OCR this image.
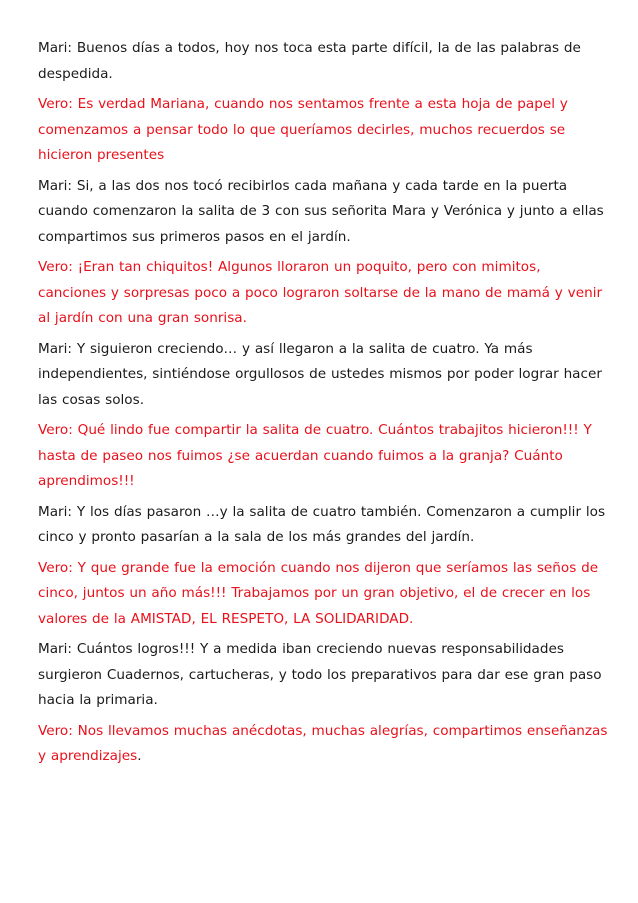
Mari: Buenos días a todos, hoy nos toca esta parte difícil, la de las palabras de despedida.

Vero: Es verdad Mariana, cuando nos sentamos frente a esta hoja de papel y comenzamos a pensar todo lo que queríamos decirles, muchos recuerdos se hicieron presentes

Mari: Si, a las dos nos tocó recibirlos cada mañana y cada tarde en la puerta cuando comenzaron la salita de 3 con sus señorita Mara y Verónica y junto a ellas compartimos sus primeros pasos en el jardín.

Vero: ¡Eran tan chiquitos! Algunos lloraron un poquito, pero con mimitos, canciones y sorpresas poco a poco lograron soltarse de la mano de mamá y venir al jardín con una gran sonrisa.

Mari: Y siguieron creciendo… y así llegaron a la salita de cuatro. Ya más independientes, sintiéndose orgullosos de ustedes mismos por poder lograr hacer las cosas solos.

Vero: Qué lindo fue compartir la salita de cuatro. Cuántos trabajitos hicieron!!! Y hasta de paseo nos fuimos ¿se acuerdan cuando fuimos a la granja? Cuánto aprendimos!!!

Mari: Y los días pasaron …y la salita de cuatro también. Comenzaron a cumplir los cinco y pronto pasarían a la sala de los más grandes del jardín.

Vero: Y que grande fue la emoción cuando nos dijeron que seríamos las seños de cinco, juntos un año más!!! Trabajamos por un gran objetivo, el de crecer en los valores de la AMISTAD, EL RESPETO, LA SOLIDARIDAD.

Mari: Cuántos logros!!! Y a medida iban creciendo nuevas responsabilidades surgieron Cuadernos, cartucheras, y todo los preparativos para dar ese gran paso hacia la primaria.

Vero: Nos llevamos muchas anécdotas, muchas alegrías, compartimos enseñanzas y aprendizajes.
